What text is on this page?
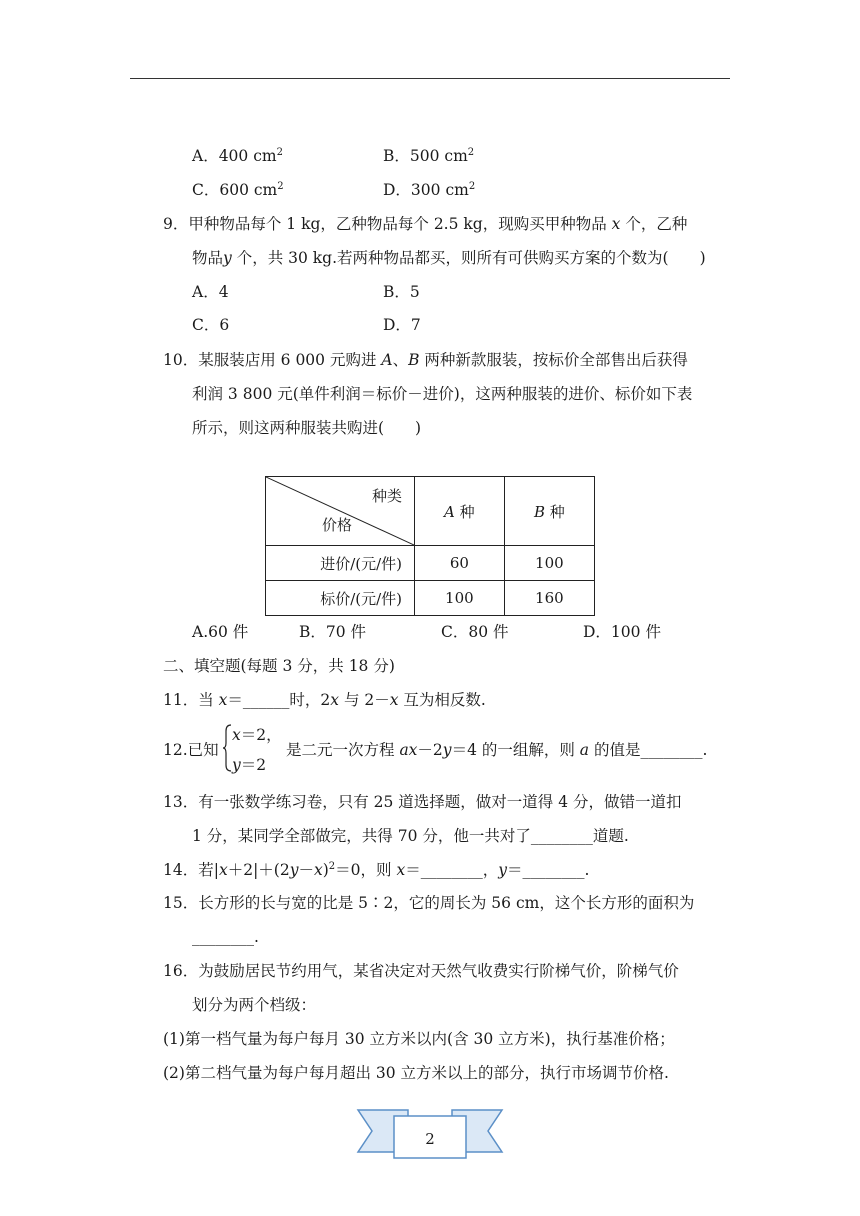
A．400 $cm^2$	B．500 $cm^2$
C．600 $cm^2$	D．300 $cm^2$
9．甲种物品每个 1 kg，乙种物品每个 2.5 kg，现购买甲种物品 x 个，乙种
物品y 个，共 30 kg.若两种物品都买，则所有可供购买方案的个数为(　　)
A．4	B．5
C．6	D．7
10．某服装店用 6 000 元购进 A、B 两种新款服装，按标价全部售出后获得
利润 3 800 元(单件利润＝标价－进价)，这两种服装的进价、标价如下表
所示，则这两种服装共购进(　　)
种类
价格	A 种	B 种
进价/(元/件)	60	100
标价/(元/件)	100	160
A.60 件	B．70 件	C．80 件	D．100 件
二、填空题(每题 3 分，共 18 分)
11．当 x＝______时，2x 与 2－x 互为相反数.
12.已知
x＝2，
y＝2
是二元一次方程 ax－2y＝4 的一组解，则 a 的值是________.
13．有一张数学练习卷，只有 25 道选择题，做对一道得 4 分，做错一道扣
1 分，某同学全部做完，共得 70 分，他一共对了________道题.
14．若$|x+2|+(2y-x)^2=0$，则 x＝________，y＝________.
15．长方形的长与宽的比是 5∶2，它的周长为 56 cm，这个长方形的面积为
________.
16．为鼓励居民节约用气，某省决定对天然气收费实行阶梯气价，阶梯气价
划分为两个档级：
(1)第一档气量为每户每月 30 立方米以内(含 30 立方米)，执行基准价格；
(2)第二档气量为每户每月超出 30 立方米以上的部分，执行市场调节价格.
2
